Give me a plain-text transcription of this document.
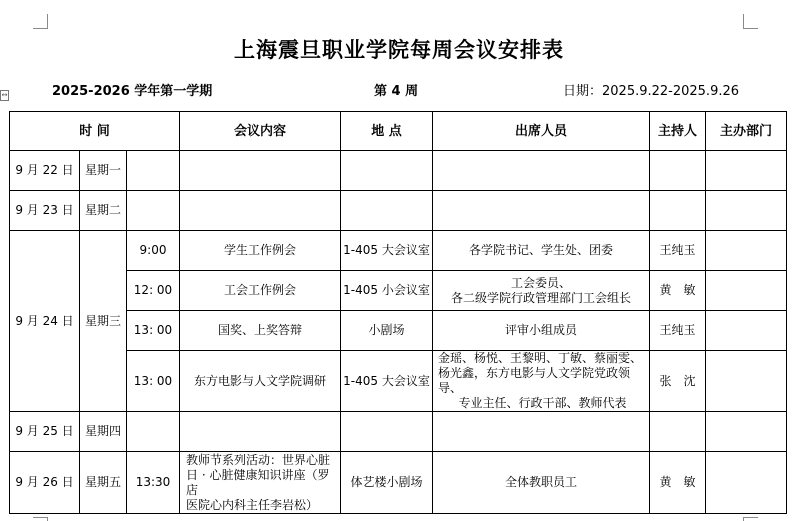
↔
上海震旦职业学院每周会议安排表
2025-2026 学年第一学期	第 4 周	日期：2025.9.22-2025.9.26
时 间			会议内容	地 点	出席人员	主持人	主办部门
9 月 22 日	星期一						
9 月 23 日	星期二						
9 月 24 日	星期三	9:00	学生工作例会	1-405 大会议室	各学院书记、学生处、团委	王纯玉	
		12: 00	工会工作例会	1-405 小会议室	工会委员、
各二级学院行政管理部门工会组长	黄　敏	
		13: 00	国奖、上奖答辩	小剧场	评审小组成员	王纯玉	
		13: 00	东方电影与人文学院调研	1-405 大会议室	金瑶、杨悦、王黎明、丁敏、蔡丽雯、
杨光鑫，东方电影与人文学院党政领导、
专业主任、行政干部、教师代表	张　沈	
9 月 25 日	星期四						
9 月 26 日	星期五	13:30	教师节系列活动：世界心脏
日 · 心脏健康知识讲座（罗店
医院心内科主任李岩松）	体艺楼小剧场	全体教职员工	黄　敏	
